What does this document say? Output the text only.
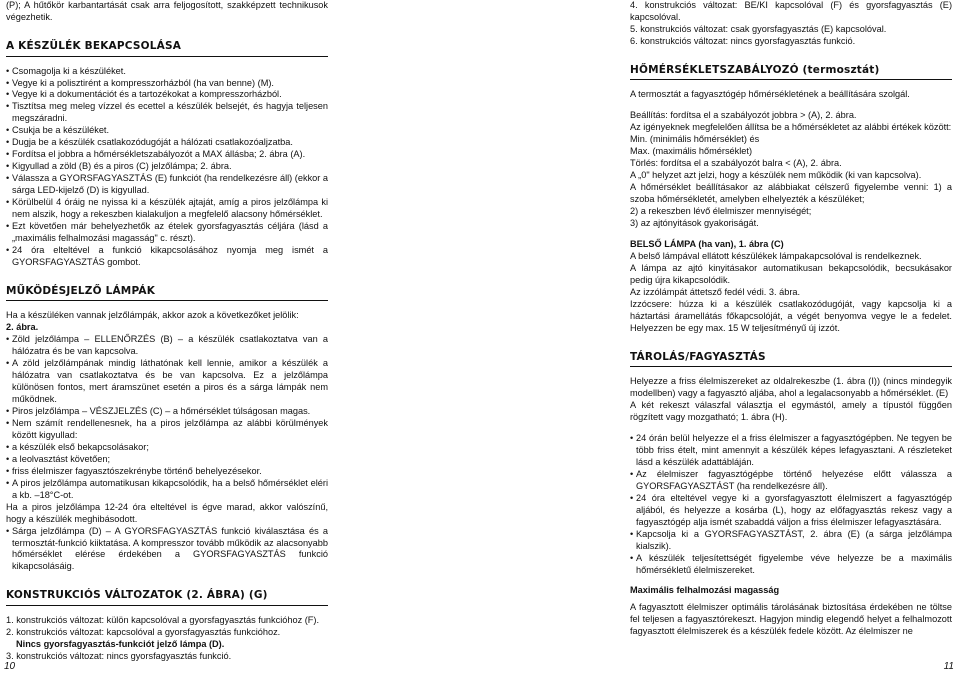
(P); A hűtőkör karbantartását csak arra feljogosított, szakképzett technikusok végezhetik.

A KÉSZÜLÉK BEKAPCSOLÁSA

• Csomagolja ki a készüléket.

• Vegye ki a polisztirént a kompresszorházból (ha van benne) (M).

• Vegye ki a dokumentációt és a tartozékokat a kompresszorházból.

• Tisztítsa meg meleg vízzel és ecettel a készülék belsejét, és hagyja teljesen megszáradni.

• Csukja be a készüléket.

• Dugja be a készülék csatlakozódugóját a hálózati csatlakozóaljzatba.

• Fordítsa el jobbra a hőmérsékletszabályozót a MAX állásba; 2. ábra (A).

• Kigyullad a zöld (B) és a piros (C) jelzőlámpa; 2. ábra.

• Válassza a GYORSFAGYASZTÁS (E) funkciót (ha rendelkezésre áll) (ekkor a sárga LED-kijelző (D) is kigyullad.

• Körülbelül 4 óráig ne nyissa ki a készülék ajtaját, amíg a piros jelzőlámpa ki nem alszik, hogy a rekeszben kialakuljon a megfelelő alacsony hőmérséklet.

• Ezt követően már behelyezhetők az ételek gyorsfagyasztás céljára (lásd a „maximális felhalmozási magasság" c. részt).

• 24 óra elteltével a funkció kikapcsolásához nyomja meg ismét a GYORSFAGYASZTÁS gombot.

MŰKÖDÉSJELZŐ LÁMPÁK

Ha a készüléken vannak jelzőlámpák, akkor azok a következőket jelölik:

2. ábra.

• Zöld jelzőlámpa – ELLENŐRZÉS (B) – a készülék csatlakoztatva van a hálózatra és be van kapcsolva.

• A zöld jelzőlámpának mindig láthatónak kell lennie, amikor a készülék a hálózatra van csatlakoztatva és be van kapcsolva. Ez a jelzőlámpa különösen fontos, mert áramszünet esetén a piros és a sárga lámpák nem működnek.

• Piros jelzőlámpa – VÉSZJELZÉS (C) – a hőmérséklet túlságosan magas.

• Nem számít rendellenesnek, ha a piros jelzőlámpa az alábbi körülmények között kigyullad:

• a készülék első bekapcsolásakor;

• a leolvasztást követően;

• friss élelmiszer fagyasztószekrénybe történő behelyezésekor.

• A piros jelzőlámpa automatikusan kikapcsolódik, ha a belső hőmérséklet eléri a kb. –18°C-ot.

Ha a piros jelzőlámpa 12-24 óra elteltével is égve marad, akkor valószínű, hogy a készülék meghibásodott.

• Sárga jelzőlámpa (D) – A GYORSFAGYASZTÁS funkció kiválasztása és a termosztát-funkció kiiktatása. A kompresszor tovább működik az alacsonyabb hőmérséklet elérése érdekében a GYORSFAGYASZTÁS funkció kikapcsolásáig.

KONSTRUKCIÓS VÁLTOZATOK (2. ÁBRA) (G)

1. konstrukciós változat: külön kapcsolóval a gyorsfagyasztás funkcióhoz (F).

2. konstrukciós változat: kapcsolóval a gyorsfagyasztás funkcióhoz.

Nincs gyorsfagyasztás-funkciót jelző lámpa (D).

3. konstrukciós változat: nincs gyorsfagyasztás funkció.

10

4. konstrukciós változat: BE/KI kapcsolóval (F) és gyorsfagyasztás (E) kapcsolóval.

5. konstrukciós változat: csak gyorsfagyasztás (E) kapcsolóval.

6. konstrukciós változat: nincs gyorsfagyasztás funkció.

HŐMÉRSÉKLETSZABÁLYOZÓ (termosztát)

A termosztát a fagyasztógép hőmérsékletének a beállítására szolgál.

Beállítás: fordítsa el a szabályozót jobbra > (A), 2. ábra.

Az igényeknek megfelelően állítsa be a hőmérsékletet az alábbi értékek között:

Min. (minimális hőmérséklet) és

Max. (maximális hőmérséklet)

Törlés: fordítsa el a szabályozót balra < (A), 2. ábra.

A „0" helyzet azt jelzi, hogy a készülék nem működik (ki van kapcsolva).

A hőmérséklet beállításakor az alábbiakat célszerű figyelembe venni: 1) a szoba hőmérsékletét, amelyben elhelyezték a készüléket;

2) a rekeszben lévő élelmiszer mennyiségét;

3) az ajtónyitások gyakoriságát.

BELSŐ LÁMPA (ha van), 1. ábra (C)

A belső lámpával ellátott készülékek lámpakapcsolóval is rendelkeznek.

A lámpa az ajtó kinyitásakor automatikusan bekapcsolódik, becsukásakor pedig újra kikapcsolódik.

Az izzólámpát áttetsző fedél védi. 3. ábra.

Izzócsere: húzza ki a készülék csatlakozódugóját, vagy kapcsolja ki a háztartási áramellátás főkapcsolóját, a végét benyomva vegye le a fedelet. Helyezzen be egy max. 15 W teljesítményű új izzót.

TÁROLÁS/FAGYASZTÁS

Helyezze a friss élelmiszereket az oldalrekeszbe (1. ábra (I)) (nincs mindegyik modellben) vagy a fagyasztó aljába, ahol a legalacsonyabb a hőmérséklet. (E)

A két rekeszt válaszfal választja el egymástól, amely a típustól függően rögzített vagy mozgatható; 1. ábra (H).

• 24 órán belül helyezze el a friss élelmiszer a fagyasztógépben. Ne tegyen be több friss ételt, mint amennyit a készülék képes lefagyasztani. A részleteket lásd a készülék adattábláján.

• Az élelmiszer fagyasztógépbe történő helyezése előtt válassza a GYORSFAGYASZTÁST (ha rendelkezésre áll).

• 24 óra elteltével vegye ki a gyorsfagyasztott élelmiszert a fagyasztógép aljából, és helyezze a kosárba (L), hogy az előfagyasztás rekesz vagy a fagyasztógép alja ismét szabaddá váljon a friss élelmiszer lefagyasztására.

• Kapcsolja ki a GYORSFAGYASZTÁST, 2. ábra (E) (a sárga jelzőlámpa kialszik).

• A készülék teljesítettségét figyelembe véve helyezze be a maximális hőmérsékletű élelmiszereket.

Maximális felhalmozási magasság

A fagyasztott élelmiszer optimális tárolásának biztosítása érdekében ne töltse fel teljesen a fagyasztórekeszt. Hagyjon mindig elegendő helyet a felhalmozott fagyasztott élelmiszerek és a készülék fedele között. Az élelmiszer ne

11
